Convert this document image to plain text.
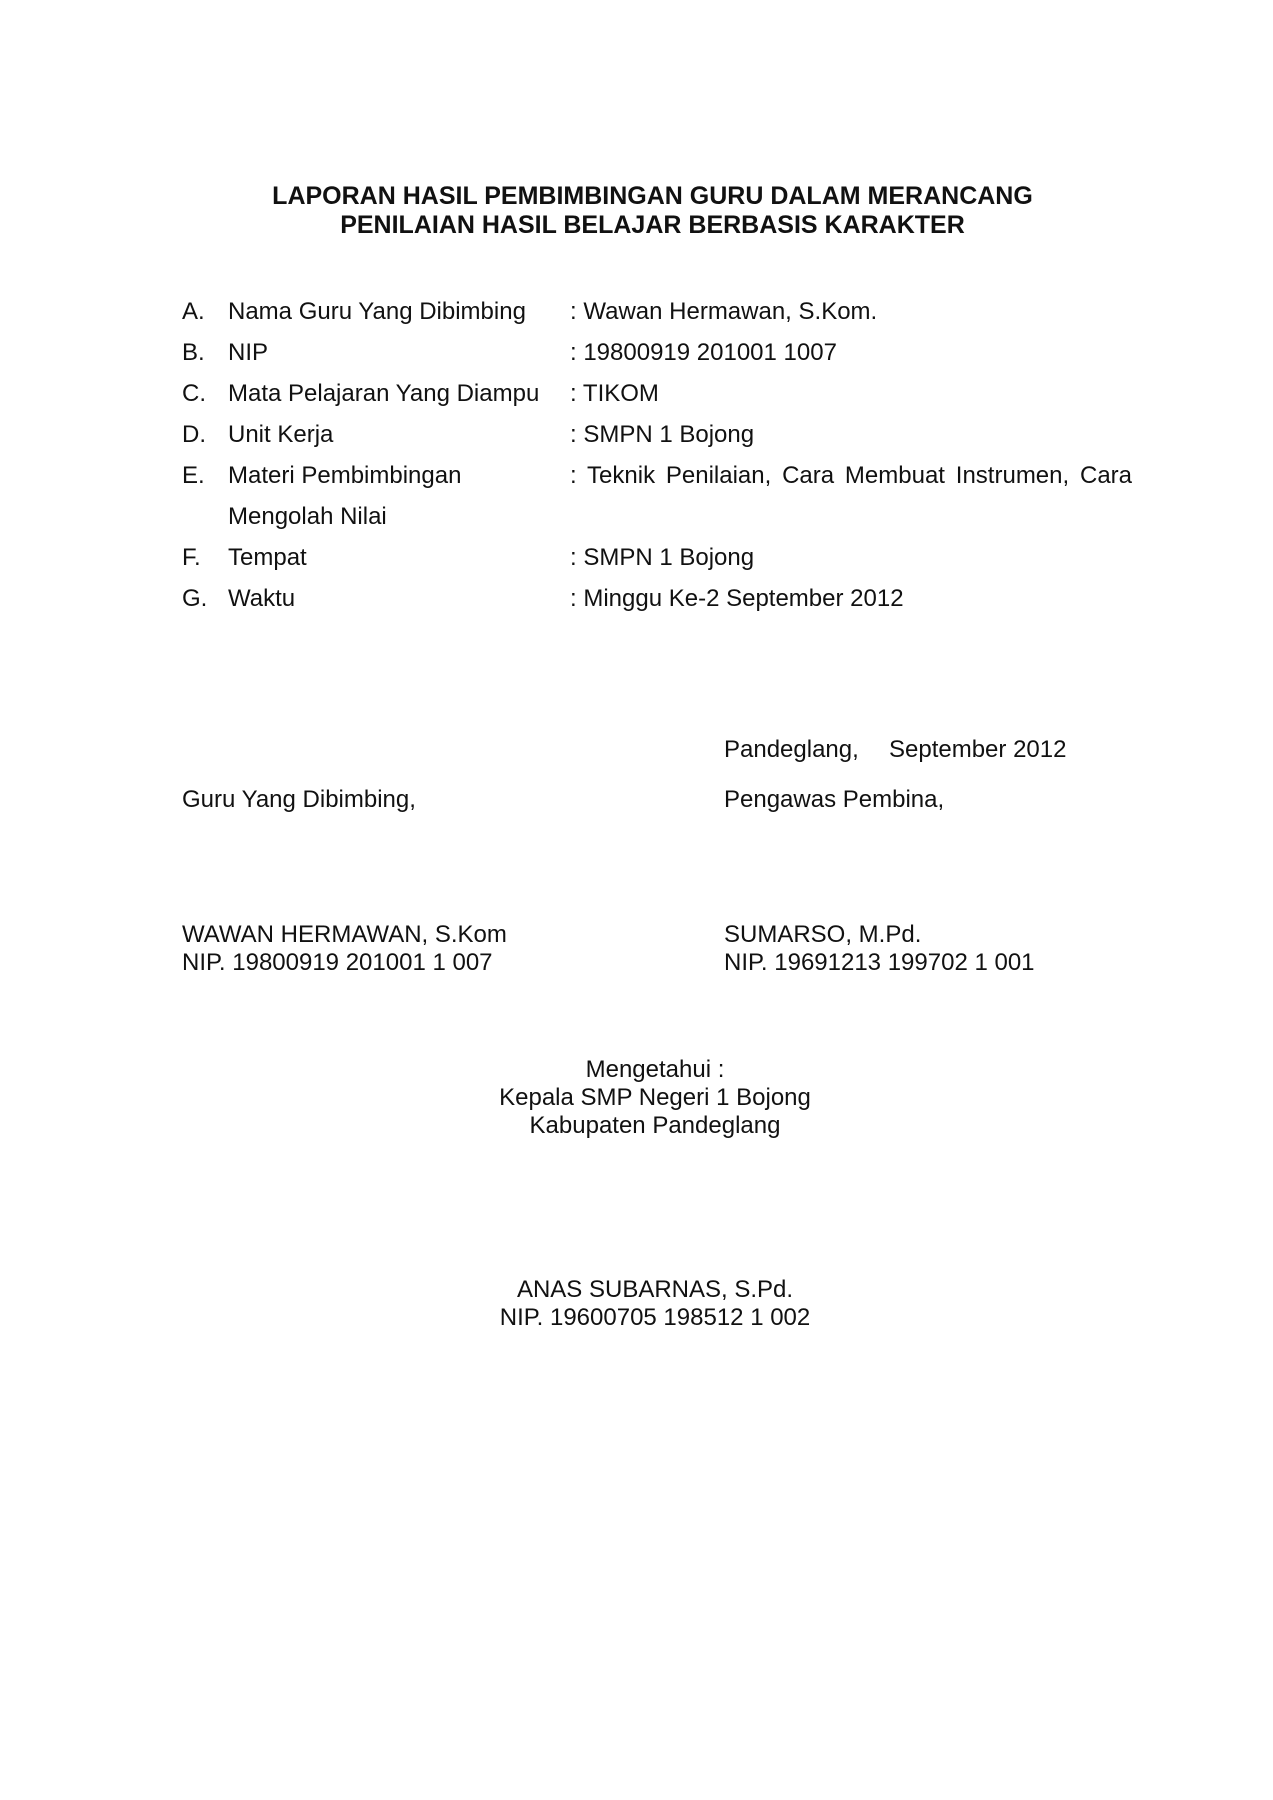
LAPORAN HASIL PEMBIMBINGAN GURU DALAM MERANCANG
PENILAIAN HASIL BELAJAR BERBASIS KARAKTER
A. Nama Guru Yang Dibimbing : Wawan Hermawan, S.Kom.
B. NIP	: 19800919 201001 1007
C. Mata Pelajaran Yang Diampu : TIKOM
D. Unit Kerja	: SMPN 1 Bojong
E. Materi Pembimbingan	: Teknik Penilaian, Cara Membuat Instrumen, Cara
Mengolah Nilai
F. Tempat	: SMPN 1 Bojong
G. Waktu	: Minggu Ke-2 September 2012
Pandeglang, September 2012
Guru Yang Dibimbing,	Pengawas Pembina,
WAWAN HERMAWAN, S.Kom
NIP. 19800919 201001 1 007
SUMARSO, M.Pd.
NIP. 19691213 199702 1 001
Mengetahui :
Kepala SMP Negeri 1 Bojong
Kabupaten Pandeglang
ANAS SUBARNAS, S.Pd.
NIP. 19600705 198512 1 002
